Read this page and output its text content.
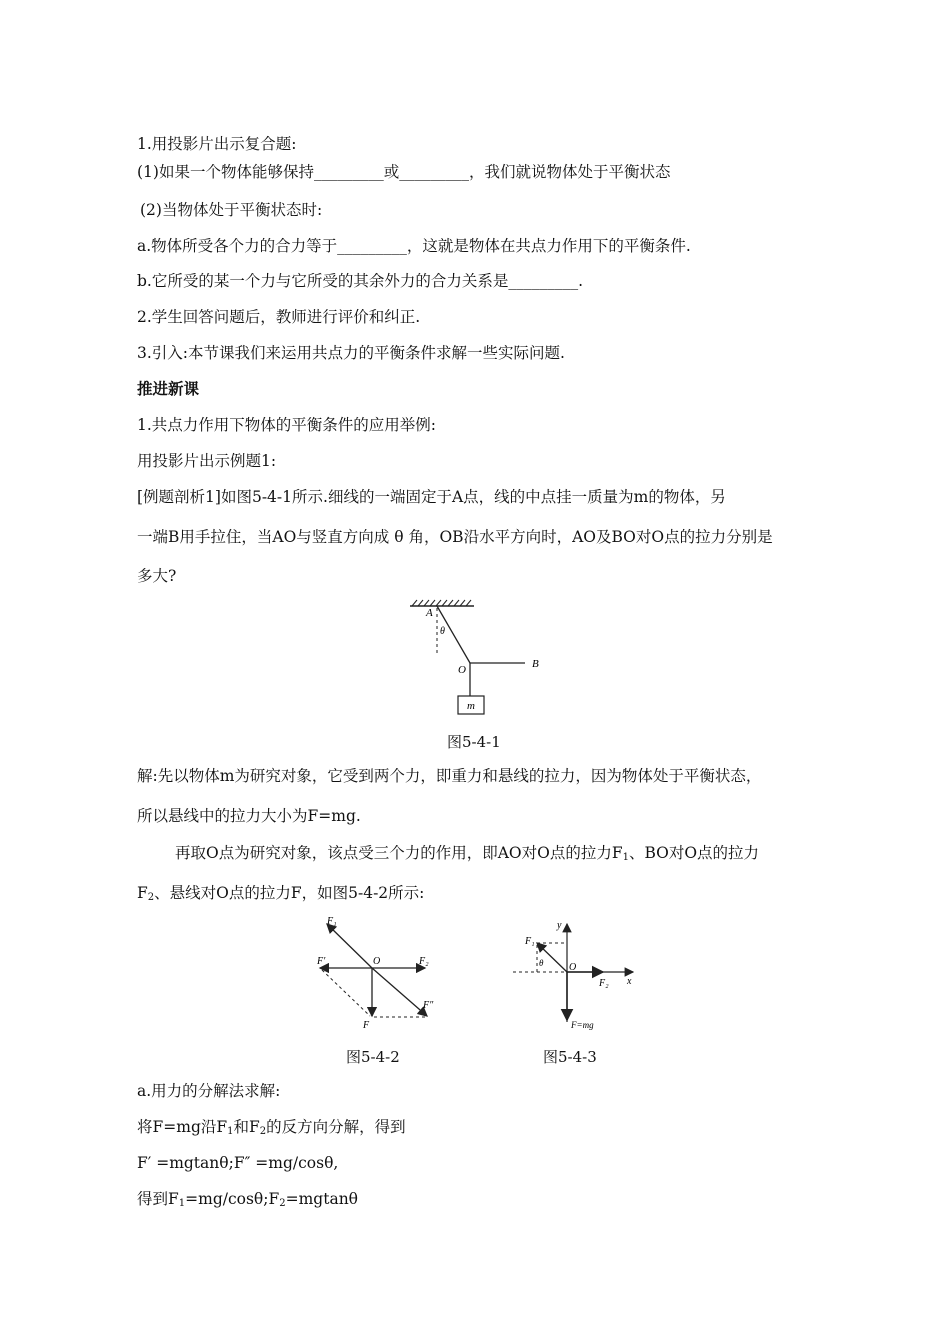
1.用投影片出示复合题:
(1)如果一个物体能够保持_________或_________，我们就说物体处于平衡状态
(2)当物体处于平衡状态时:
a.物体所受各个力的合力等于_________，这就是物体在共点力作用下的平衡条件.
b.它所受的某一个力与它所受的其余外力的合力关系是_________.
2.学生回答问题后，教师进行评价和纠正.
3.引入:本节课我们来运用共点力的平衡条件求解一些实际问题.
推进新课
1.共点力作用下物体的平衡条件的应用举例:
用投影片出示例题1:
[例题剖析1]如图5-4-1所示.细线的一端固定于A点，线的中点挂一质量为m的物体，另
一端B用手拉住，当AO与竖直方向成 θ 角，OB沿水平方向时，AO及BO对O点的拉力分别是
多大?
A
θ
O	B
m
图5-4-1
解:先以物体m为研究对象，它受到两个力，即重力和悬线的拉力，因为物体处于平衡状态，
所以悬线中的拉力大小为F=mg.
再取O点为研究对象，该点受三个力的作用，即AO对O点的拉力$F_1$、BO对O点的拉力
$F_2$、悬线对O点的拉力F，如图5-4-2所示:
F₁
F′	O	F₂
F″
F
图5-4-2
y
F₁
θ	O
F₂ x
F=mg
图5-4-3
a.用力的分解法求解:
将F=mg沿$F_1$和$F_2$的反方向分解，得到
F′ =mgtanθ;F″ =mg/cosθ,
得到$F_1=mg/\cos\theta;F_2=mgtan\theta$
